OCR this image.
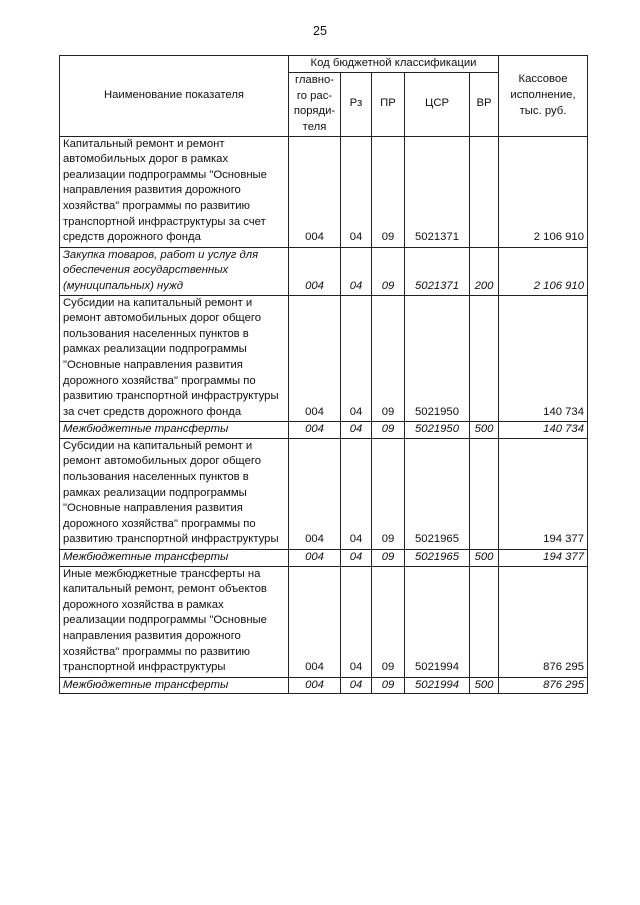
25
Наименование показателя	Код бюджетной классификации					Кассовое исполнение, тыс. руб.
	главно-го рас-поряди-теля	Рз	ПР	ЦСР	ВР	
Капитальный ремонт и ремонт автомобильных дорог в рамках реализации подпрограммы "Основные направления развития дорожного хозяйства" программы по развитию транспортной инфраструктуры за счет средств дорожного фонда	004	04	09	5021371		2 106 910
Закупка товаров, работ и услуг для обеспечения государственных (муниципальных) нужд	004	04	09	5021371	200	2 106 910
Субсидии на капитальный ремонт и ремонт автомобильных дорог общего пользования населенных пунктов в рамках реализации подпрограммы "Основные направления развития дорожного хозяйства" программы по развитию транспортной инфраструктуры за счет средств дорожного фонда	004	04	09	5021950		140 734
Межбюджетные трансферты	004	04	09	5021950	500	140 734
Субсидии на капитальный ремонт и ремонт автомобильных дорог общего пользования населенных пунктов в рамках реализации подпрограммы "Основные направления развития дорожного хозяйства" программы по развитию транспортной инфраструктуры	004	04	09	5021965		194 377
Межбюджетные трансферты	004	04	09	5021965	500	194 377
Иные межбюджетные трансферты на капитальный ремонт, ремонт объектов дорожного хозяйства в рамках реализации подпрограммы "Основные направления развития дорожного хозяйства" программы по развитию транспортной инфраструктуры	004	04	09	5021994		876 295
Межбюджетные трансферты	004	04	09	5021994	500	876 295
